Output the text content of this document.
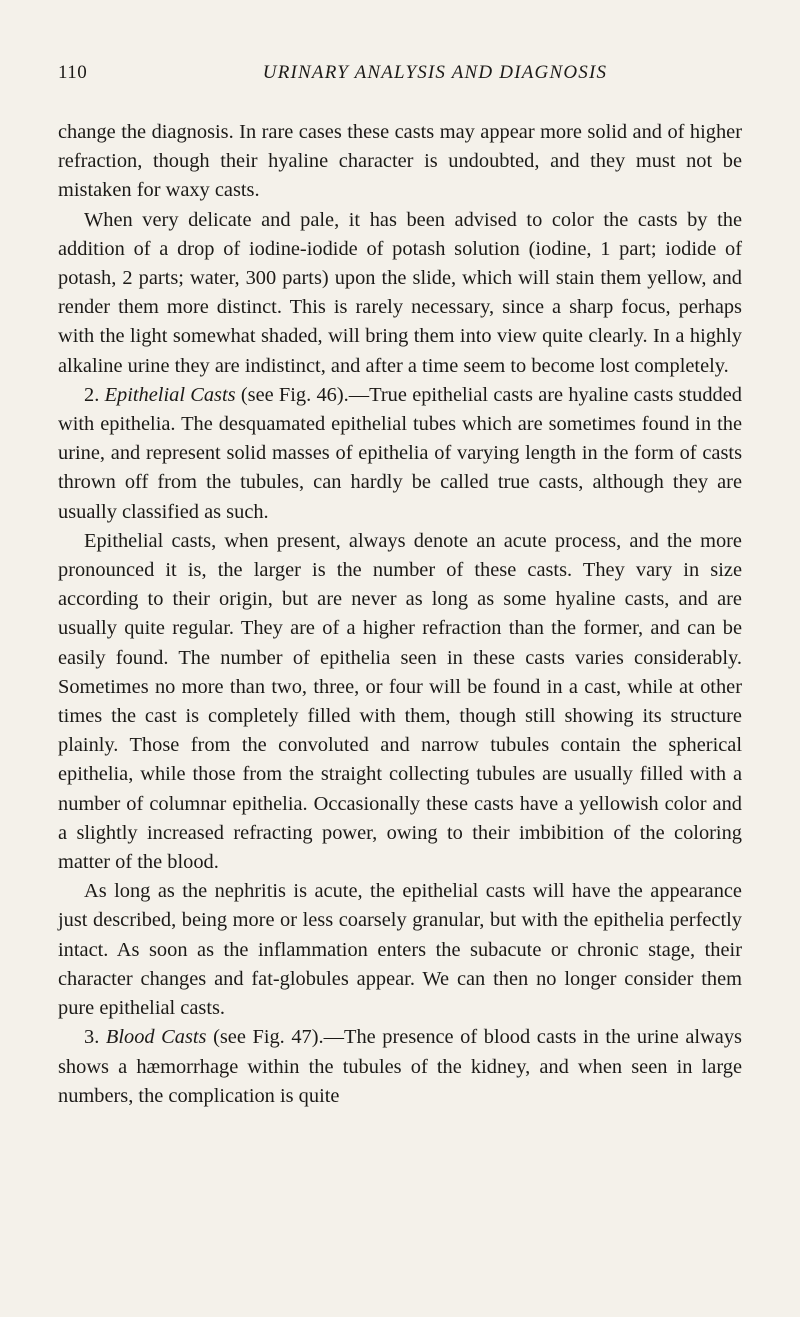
110	URINARY ANALYSIS AND DIAGNOSIS

change the diagnosis. In rare cases these casts may appear more solid and of higher refraction, though their hyaline character is undoubted, and they must not be mistaken for waxy casts.

When very delicate and pale, it has been advised to color the casts by the addition of a drop of iodine-iodide of potash solution (iodine, 1 part; iodide of potash, 2 parts; water, 300 parts) upon the slide, which will stain them yellow, and render them more distinct. This is rarely necessary, since a sharp focus, perhaps with the light somewhat shaded, will bring them into view quite clearly. In a highly alkaline urine they are indistinct, and after a time seem to become lost completely.

2. Epithelial Casts (see Fig. 46).—True epithelial casts are hyaline casts studded with epithelia. The desquamated epithelial tubes which are sometimes found in the urine, and represent solid masses of epithelia of varying length in the form of casts thrown off from the tubules, can hardly be called true casts, although they are usually classified as such.

Epithelial casts, when present, always denote an acute process, and the more pronounced it is, the larger is the number of these casts. They vary in size according to their origin, but are never as long as some hyaline casts, and are usually quite regular. They are of a higher refraction than the former, and can be easily found. The number of epithelia seen in these casts varies considerably. Sometimes no more than two, three, or four will be found in a cast, while at other times the cast is completely filled with them, though still showing its structure plainly. Those from the convoluted and narrow tubules contain the spherical epithelia, while those from the straight collecting tubules are usually filled with a number of columnar epithelia. Occasionally these casts have a yellowish color and a slightly increased refracting power, owing to their imbibition of the coloring matter of the blood.

As long as the nephritis is acute, the epithelial casts will have the appearance just described, being more or less coarsely granular, but with the epithelia perfectly intact. As soon as the inflammation enters the subacute or chronic stage, their character changes and fat-globules appear. We can then no longer consider them pure epithelial casts.

3. Blood Casts (see Fig. 47).—The presence of blood casts in the urine always shows a hæmorrhage within the tubules of the kidney, and when seen in large numbers, the complication is quite
